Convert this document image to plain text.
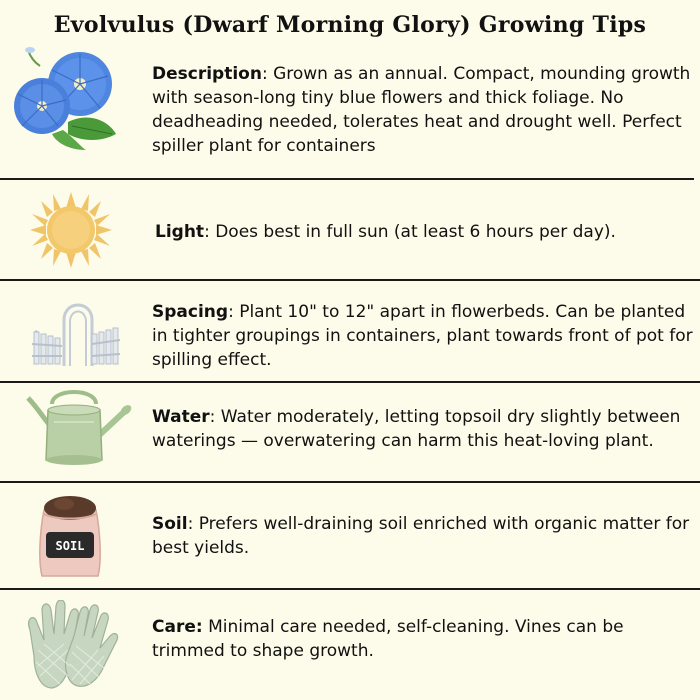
Evolvulus (Dwarf Morning Glory) Growing Tips
Description: Grown as an annual. Compact, mounding growth with season-long tiny blue flowers and thick foliage. No deadheading needed, tolerates heat and drought well. Perfect spiller plant for containers
Light: Does best in full sun (at least 6 hours per day).
Spacing: Plant 10" to 12" apart in flowerbeds. Can be planted in tighter groupings in containers, plant towards front of pot for spilling effect.
Water: Water moderately, letting topsoil dry slightly between waterings — overwatering can harm this heat-loving plant.
SOIL
Soil: Prefers well-draining soil enriched with organic matter for best yields.
Care: Minimal care needed, self-cleaning. Vines can be trimmed to shape growth.
